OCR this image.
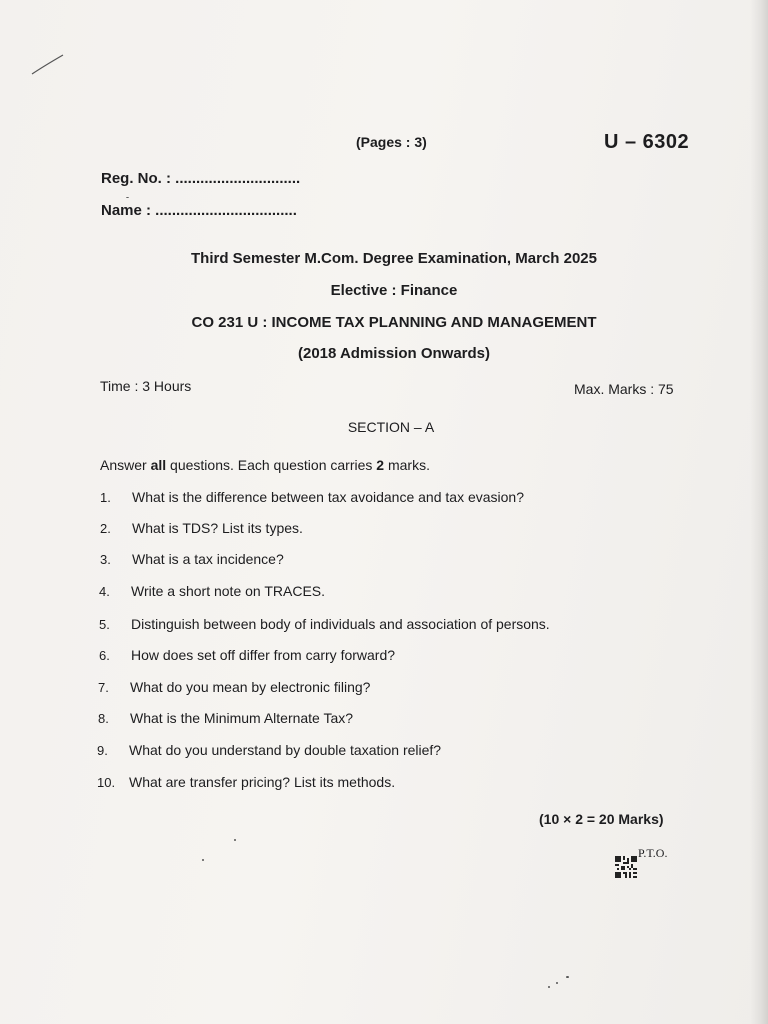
(Pages : 3)	U – 6302
Reg. No. : ..............................
Name : ..................................
Third Semester M.Com. Degree Examination, March 2025
Elective : Finance
CO 231 U : INCOME TAX PLANNING AND MANAGEMENT
(2018 Admission Onwards)
Time : 3 Hours	Max. Marks : 75
SECTION – A
Answer all questions. Each question carries 2 marks.
1. What is the difference between tax avoidance and tax evasion?
2. What is TDS? List its types.
3. What is a tax incidence?
4. Write a short note on TRACES.
5. Distinguish between body of individuals and association of persons.
6. How does set off differ from carry forward?
7. What do you mean by electronic filing?
8. What is the Minimum Alternate Tax?
9. What do you understand by double taxation relief?
10. What are transfer pricing? List its methods.
(10 × 2 = 20 Marks)
P.T.O.
